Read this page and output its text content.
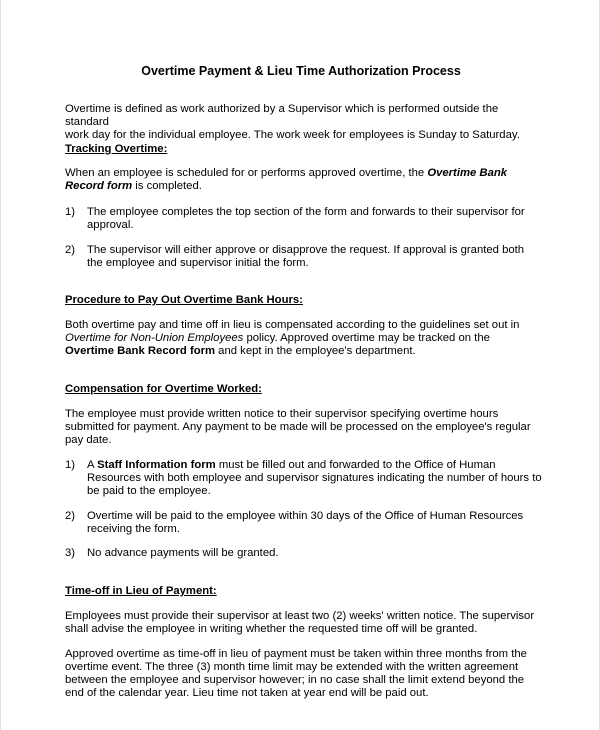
Overtime Payment & Lieu Time Authorization Process
Overtime is defined as work authorized by a Supervisor which is performed outside the standard
work day for the individual employee. The work week for employees is Sunday to Saturday.
Tracking Overtime:
When an employee is scheduled for or performs approved overtime, the Overtime Bank
Record form is completed.
1) The employee completes the top section of the form and forwards to their supervisor for
approval.
2) The supervisor will either approve or disapprove the request. If approval is granted both
the employee and supervisor initial the form.
Procedure to Pay Out Overtime Bank Hours:
Both overtime pay and time off in lieu is compensated according to the guidelines set out in
Overtime for Non-Union Employees policy. Approved overtime may be tracked on the
Overtime Bank Record form and kept in the employee's department.
Compensation for Overtime Worked:
The employee must provide written notice to their supervisor specifying overtime hours
submitted for payment. Any payment to be made will be processed on the employee's regular
pay date.
1) A Staff Information form must be filled out and forwarded to the Office of Human
Resources with both employee and supervisor signatures indicating the number of hours to
be paid to the employee.
2) Overtime will be paid to the employee within 30 days of the Office of Human Resources
receiving the form.
3) No advance payments will be granted.
Time-off in Lieu of Payment:
Employees must provide their supervisor at least two (2) weeks' written notice. The supervisor
shall advise the employee in writing whether the requested time off will be granted.
Approved overtime as time-off in lieu of payment must be taken within three months from the
overtime event. The three (3) month time limit may be extended with the written agreement
between the employee and supervisor however; in no case shall the limit extend beyond the
end of the calendar year. Lieu time not taken at year end will be paid out.
